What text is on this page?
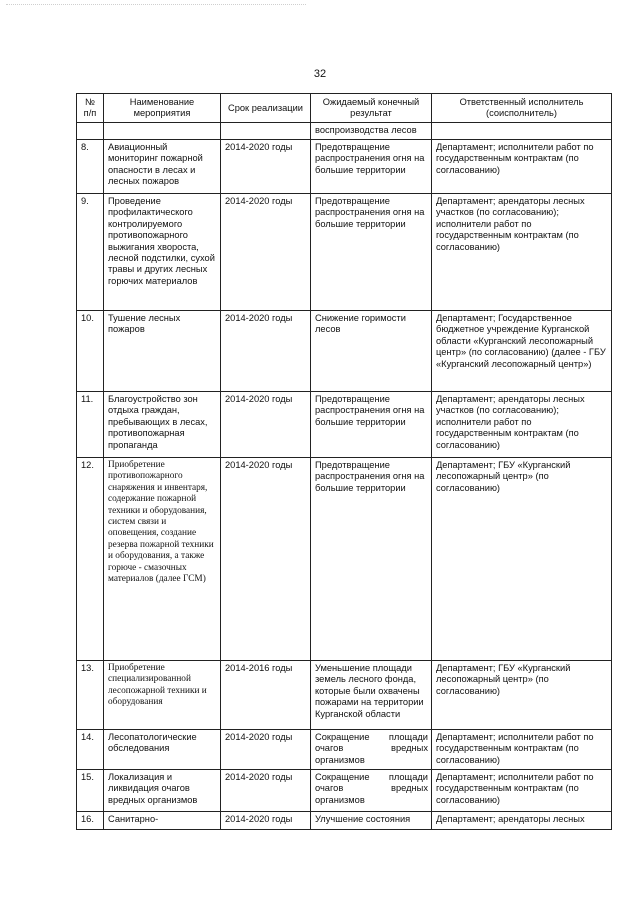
32
№ п/п	Наименование мероприятия	Срок реализации	Ожидаемый конечный результат	Ответственный исполнитель (соисполнитель)
			воспроизводства лесов	
8.	Авиационный мониторинг пожарной опасности в лесах и лесных пожаров	2014-2020 годы	Предотвращение распространения огня на большие территории	Департамент; исполнители работ по государственным контрактам (по согласованию)
9.	Проведение профилактического контролируемого противопожарного выжигания хвороста, лесной подстилки, сухой травы и других лесных горючих материалов	2014-2020 годы	Предотвращение распространения огня на большие территории	Департамент; арендаторы лесных участков (по согласованию); исполнители работ по государственным контрактам (по согласованию)
10.	Тушение лесных пожаров	2014-2020 годы	Снижение горимости лесов	Департамент; Государственное бюджетное учреждение Курганской области «Курганский лесопожарный центр» (по согласованию) (далее - ГБУ «Курганский лесопожарный центр»)
11.	Благоустройство зон отдыха граждан, пребывающих в лесах, противопожарная пропаганда	2014-2020 годы	Предотвращение распространения огня на большие территории	Департамент; арендаторы лесных участков (по согласованию); исполнители работ по государственным контрактам (по согласованию)
12.	Приобретение противопожарного снаряжения и инвентаря, содержание пожарной техники и оборудования, систем связи и оповещения, создание резерва пожарной техники и оборудования, а также горюче - смазочных материалов (далее ГСМ)	2014-2020 годы	Предотвращение распространения огня на большие территории	Департамент; ГБУ «Курганский лесопожарный центр» (по согласованию)
13.	Приобретение специализированной лесопожарной техники и оборудования	2014-2016 годы	Уменьшение площади земель лесного фонда, которые были охвачены пожарами на территории Курганской области	Департамент; ГБУ «Курганский лесопожарный центр» (по согласованию)
14.	Лесопатологические обследования	2014-2020 годы	Сокращение площади очагов вредных организмов	Департамент; исполнители работ по государственным контрактам (по согласованию)
15.	Локализация и ликвидация очагов вредных организмов	2014-2020 годы	Сокращение площади очагов вредных организмов	Департамент; исполнители работ по государственным контрактам (по согласованию)
16.	Санитарно-	2014-2020 годы	Улучшение состояния	Департамент; арендаторы лесных
